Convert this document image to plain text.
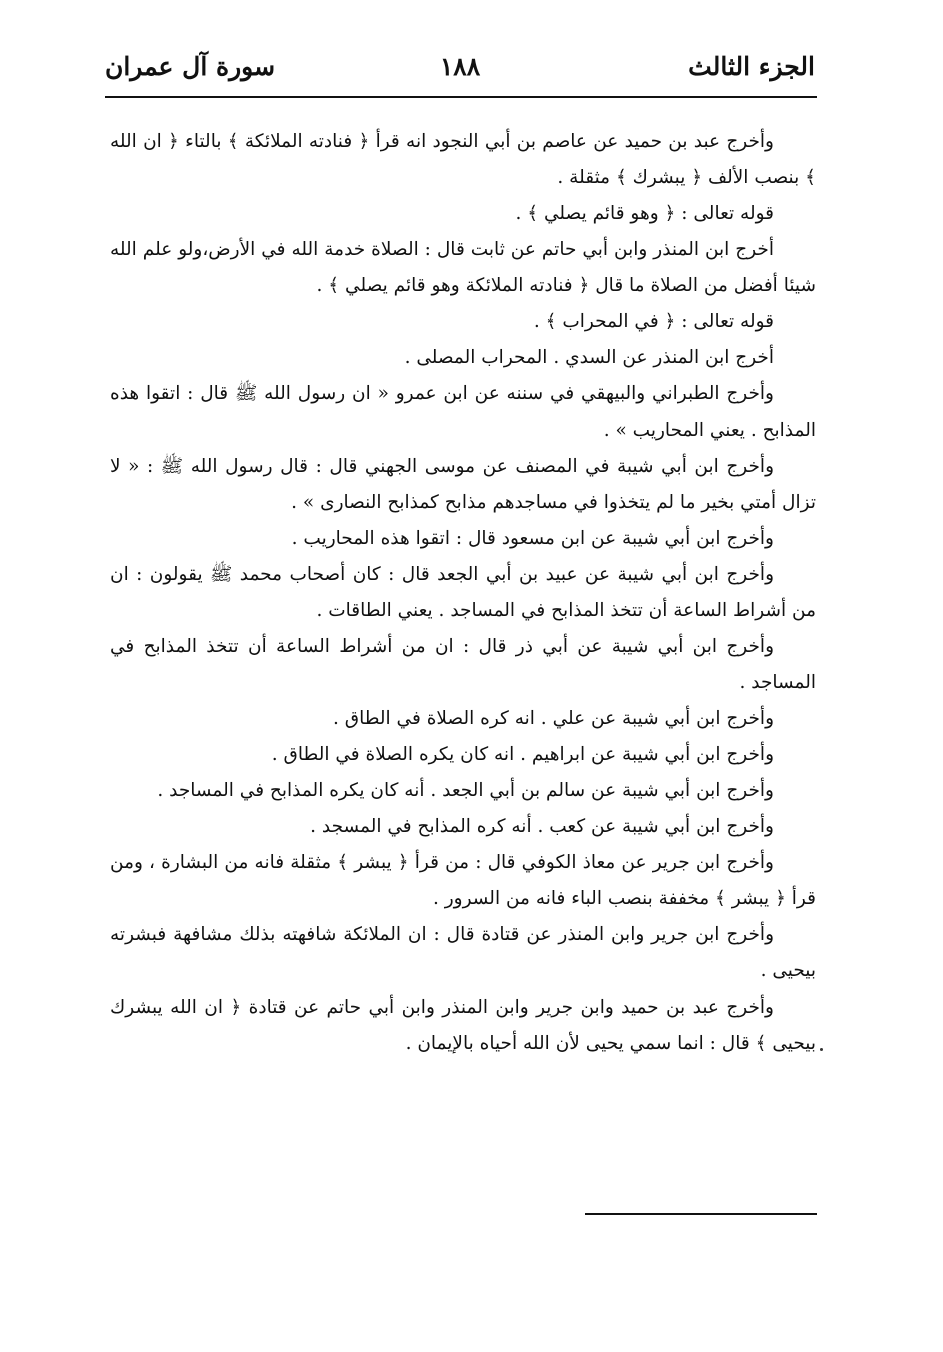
الجزء الثالث
١٨٨
سورة آل عمران

وأخرج عبد بن حميد عن عاصم بن أبي النجود انه قرأ ﴿ فنادته الملائكة ﴾ بالتاء ﴿ ان الله ﴾ بنصب الألف ﴿ يبشرك ﴾ مثقلة .

قوله تعالى : ﴿ وهو قائم يصلي ﴾ .

أخرج ابن المنذر وابن أبي حاتم عن ثابت قال : الصلاة خدمة الله في الأرض،ولو علم الله شيئا أفضل من الصلاة ما قال ﴿ فنادته الملائكة وهو قائم يصلي ﴾ .

قوله تعالى : ﴿ في المحراب ﴾ .

أخرج ابن المنذر عن السدي . المحراب المصلى .

وأخرج الطبراني والبيهقي في سننه عن ابن عمرو « ان رسول الله ﷺ قال : اتقوا هذه المذابح . يعني المحاريب » .

وأخرج ابن أبي شيبة في المصنف عن موسى الجهني قال : قال رسول الله ﷺ : « لا تزال أمتي بخير ما لم يتخذوا في مساجدهم مذابح كمذابح النصارى » .

وأخرج ابن أبي شيبة عن ابن مسعود قال : اتقوا هذه المحاريب .

وأخرج ابن أبي شيبة عن عبيد بن أبي الجعد قال : كان أصحاب محمد ﷺ يقولون : ان من أشراط الساعة أن تتخذ المذابح في المساجد . يعني الطاقات .

وأخرج ابن أبي شيبة عن أبي ذر قال : ان من أشراط الساعة أن تتخذ المذابح في المساجد .

وأخرج ابن أبي شيبة عن علي . انه كره الصلاة في الطاق .

وأخرج ابن أبي شيبة عن ابراهيم . انه كان يكره الصلاة في الطاق .

وأخرج ابن أبي شيبة عن سالم بن أبي الجعد . أنه كان يكره المذابح في المساجد .

وأخرج ابن أبي شيبة عن كعب . أنه كره المذابح في المسجد .

وأخرج ابن جرير عن معاذ الكوفي قال : من قرأ ﴿ يبشر ﴾ مثقلة فانه من البشارة ، ومن قرأ ﴿ يبشر ﴾ مخففة بنصب الباء فانه من السرور .

وأخرج ابن جرير وابن المنذر عن قتادة قال : ان الملائكة شافهته بذلك مشافهة فبشرته بيحيى .

وأخرج عبد بن حميد وابن جرير وابن المنذر وابن أبي حاتم عن قتادة ﴿ ان الله يبشرك بيحيى ﴾ قال : انما سمي يحيى لأن الله أحياه بالإيمان .
